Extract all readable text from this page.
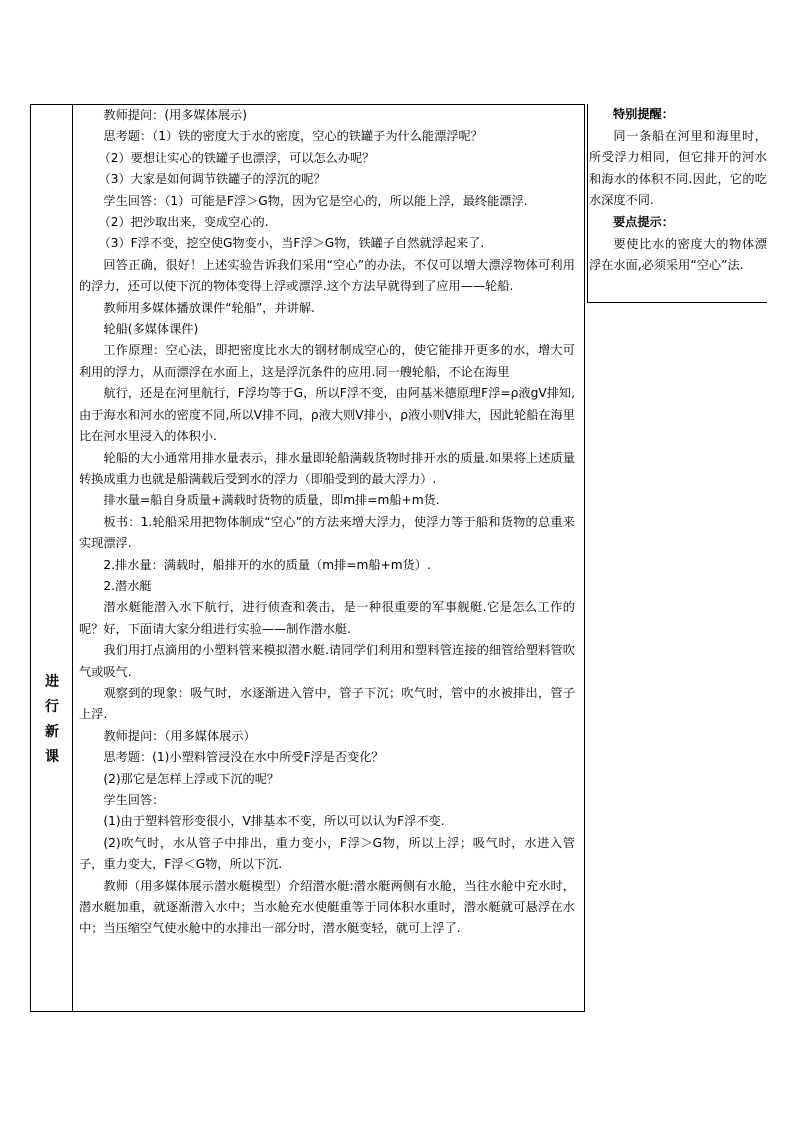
进
行
新
课

教师提问：(用多媒体展示)

思考题：（1）铁的密度大于水的密度，空心的铁罐子为什么能漂浮呢？

（2）要想让实心的铁罐子也漂浮，可以怎么办呢？

（3）大家是如何调节铁罐子的浮沉的呢？

学生回答：（1）可能是F浮＞G物，因为它是空心的，所以能上浮，最终能漂浮.

（2）把沙取出来，变成空心的.

（3）F浮不变，挖空使G物变小，当F浮＞G物，铁罐子自然就浮起来了.

回答正确，很好！上述实验告诉我们采用“空心”的办法，不仅可以增大漂浮物体可利用的浮力，还可以使下沉的物体变得上浮或漂浮.这个方法早就得到了应用——轮船.

教师用多媒体播放课件“轮船”，并讲解.

轮船(多媒体课件)

工作原理：空心法，即把密度比水大的钢材制成空心的，使它能排开更多的水，增大可利用的浮力，从而漂浮在水面上，这是浮沉条件的应用.同一艘轮船，不论在海里

航行，还是在河里航行，F浮均等于G，所以F浮不变，由阿基米德原理F浮=ρ液gV排知,由于海水和河水的密度不同,所以V排不同，ρ液大则V排小，ρ液小则V排大，因此轮船在海里比在河水里浸入的体积小.

轮船的大小通常用排水量表示，排水量即轮船满载货物时排开水的质量.如果将上述质量转换成重力也就是船满载后受到水的浮力（即船受到的最大浮力）.

排水量=船自身质量+满载时货物的质量，即m排=m船+m货.

板书：1.轮船采用把物体制成“空心”的方法来增大浮力，使浮力等于船和货物的总重来实现漂浮.

2.排水量：满载时，船排开的水的质量（m排=m船+m货）.

2.潜水艇

潜水艇能潜入水下航行，进行侦查和袭击，是一种很重要的军事舰艇.它是怎么工作的呢？好，下面请大家分组进行实验——制作潜水艇.

我们用打点滴用的小塑料管来模拟潜水艇.请同学们利用和塑料管连接的细管给塑料管吹气或吸气.

观察到的现象：吸气时，水逐渐进入管中，管子下沉；吹气时，管中的水被排出，管子上浮.

教师提问：（用多媒体展示）

思考题：(1)小塑料管浸没在水中所受F浮是否变化？

(2)那它是怎样上浮或下沉的呢？

学生回答：

(1)由于塑料管形变很小，V排基本不变，所以可以认为F浮不变.

(2)吹气时，水从管子中排出，重力变小，F浮＞G物，所以上浮；吸气时，水进入管子，重力变大，F浮＜G物，所以下沉.

教师（用多媒体展示潜水艇模型）介绍潜水艇:潜水艇两侧有水舱，当往水舱中充水时，潜水艇加重，就逐渐潜入水中；当水舱充水使艇重等于同体积水重时，潜水艇就可悬浮在水中；当压缩空气使水舱中的水排出一部分时，潜水艇变轻，就可上浮了.

特别提醒：

同一条船在河里和海里时，所受浮力相同，但它排开的河水和海水的体积不同.因此，它的吃水深度不同.

要点提示：

要使比水的密度大的物体漂浮在水面,必须采用“空心”法.
